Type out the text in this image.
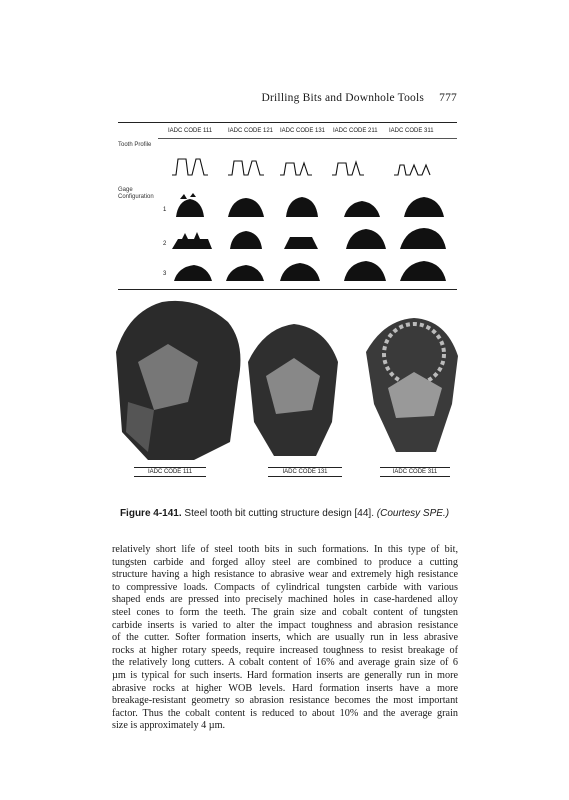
Drilling Bits and Downhole Tools 777
IADC CODE 111	IADC CODE 121 IADC CODE 131 IADC CODE 211 IADC CODE 311
Tooth Profile
Gage
Configuration
1
2
3
IADC CODE 111	IADC CODE 131	IADC CODE 311
Figure 4-141. Steel tooth bit cutting structure design [44]. (Courtesy SPE.)
relatively short life of steel tooth bits in such formations. In this type of bit,
tungsten carbide and forged alloy steel are combined to produce a cutting
structure having a high resistance to abrasive wear and extremely high resistance
to compressive loads. Compacts of cylindrical tungsten carbide with various
shaped ends are pressed into precisely machined holes in case-hardened alloy
steel cones to form the teeth. The grain size and cobalt content of tungsten
carbide inserts is varied to alter the impact toughness and abrasion resistance
of the cutter. Softer formation inserts, which are usually run in less abrasive
rocks at higher rotary speeds, require increased toughness to resist breakage of
the relatively long cutters. A cobalt content of 16% and average grain size of 6
µm is typical for such inserts. Hard formation inserts are generally run in more
abrasive rocks at higher WOB levels. Hard formation inserts have a more
breakage-resistant geometry so abrasion resistance becomes the most important
factor. Thus the cobalt content is reduced to about 10% and the average grain
size is approximately 4 µm.
